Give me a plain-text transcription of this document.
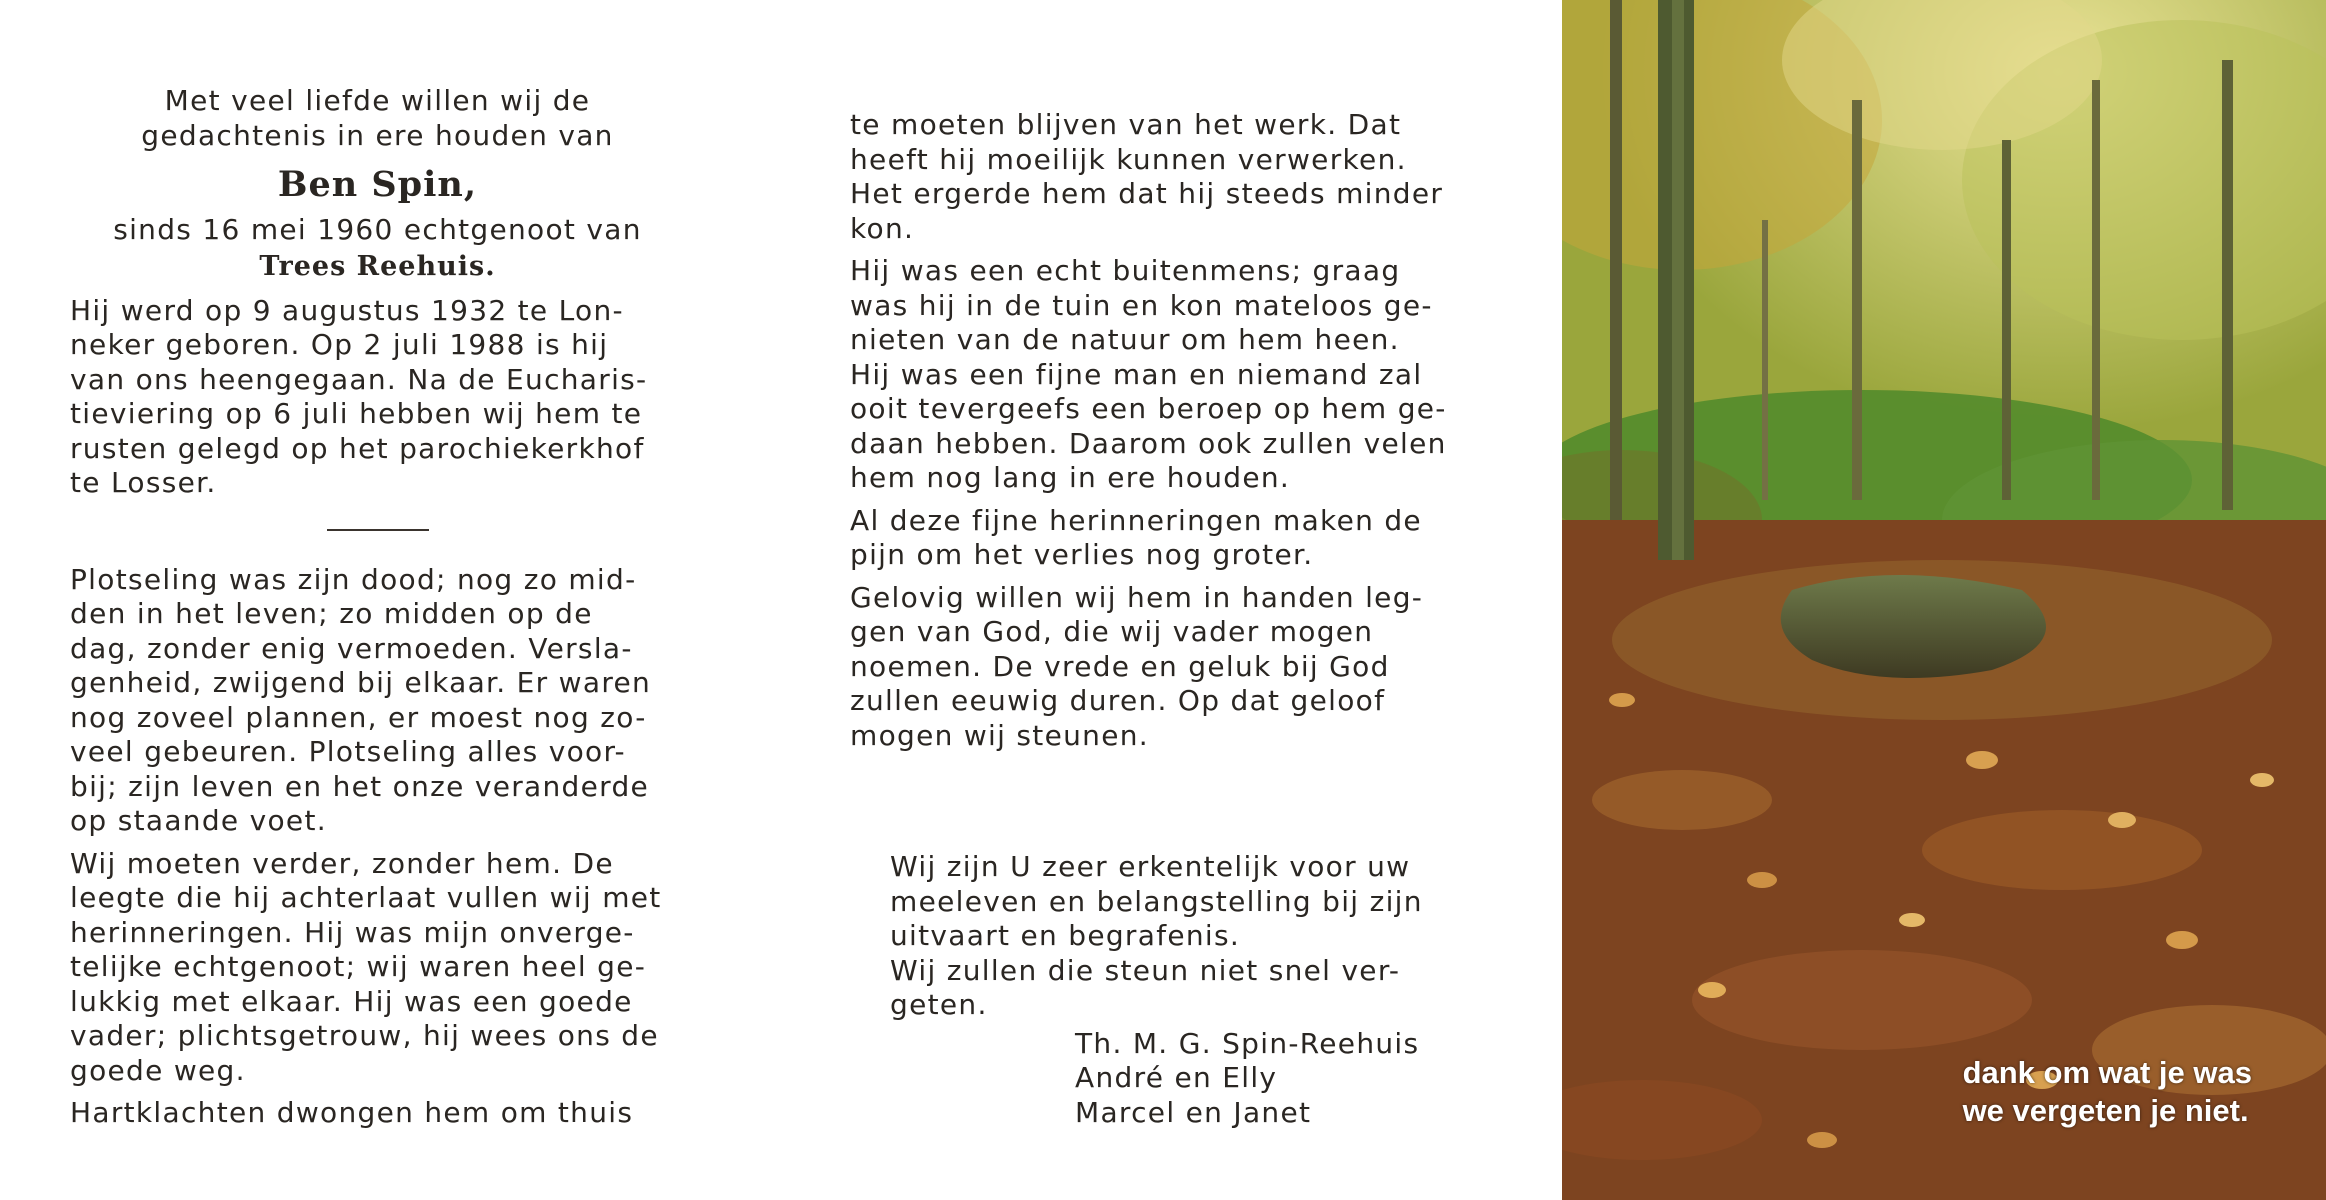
Met veel liefde willen wij de

gedachtenis in ere houden van

Ben Spin,

sinds 16 mei 1960 echtgenoot van

Trees Reehuis.

Hij werd op 9 augustus 1932 te Lon-

neker geboren. Op 2 juli 1988 is hij

van ons heengegaan. Na de Eucharis-

tieviering op 6 juli hebben wij hem te

rusten gelegd op het parochiekerkhof

te Losser.

Plotseling was zijn dood; nog zo mid-

den in het leven; zo midden op de

dag, zonder enig vermoeden. Versla-

genheid, zwijgend bij elkaar. Er waren

nog zoveel plannen, er moest nog zo-

veel gebeuren. Plotseling alles voor-

bij; zijn leven en het onze veranderde

op staande voet.

Wij moeten verder, zonder hem. De

leegte die hij achterlaat vullen wij met

herinneringen. Hij was mijn onverge-

telijke echtgenoot; wij waren heel ge-

lukkig met elkaar. Hij was een goede

vader; plichtsgetrouw, hij wees ons de

goede weg.

Hartklachten dwongen hem om thuis

te moeten blijven van het werk. Dat

heeft hij moeilijk kunnen verwerken.

Het ergerde hem dat hij steeds minder

kon.

Hij was een echt buitenmens; graag

was hij in de tuin en kon mateloos ge-

nieten van de natuur om hem heen.

Hij was een fijne man en niemand zal

ooit tevergeefs een beroep op hem ge-

daan hebben. Daarom ook zullen velen

hem nog lang in ere houden.

Al deze fijne herinneringen maken de

pijn om het verlies nog groter.

Gelovig willen wij hem in handen leg-

gen van God, die wij vader mogen

noemen. De vrede en geluk bij God

zullen eeuwig duren. Op dat geloof

mogen wij steunen.

Wij zijn U zeer erkentelijk voor uw

meeleven en belangstelling bij zijn

uitvaart en begrafenis.

Wij zullen die steun niet snel ver-

geten.

Th. M. G. Spin-Reehuis

André en Elly

Marcel en Janet

dank om wat je was
we vergeten je niet.
